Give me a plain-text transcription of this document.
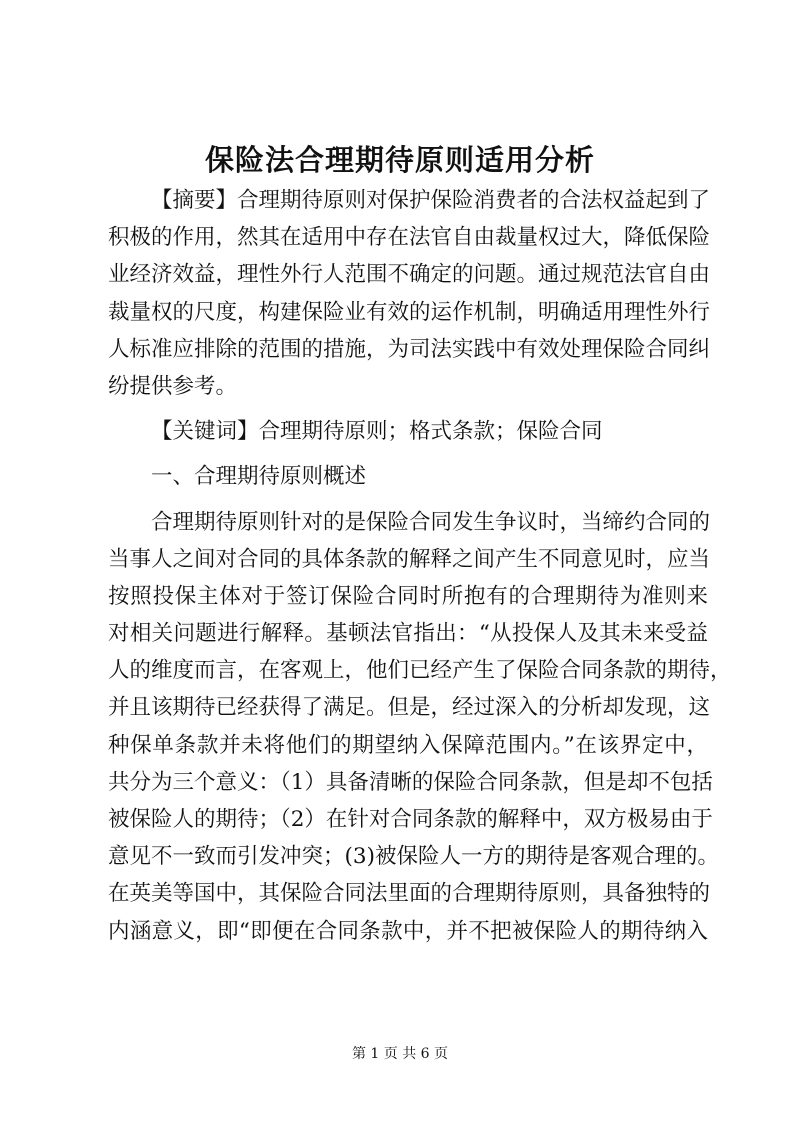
保险法合理期待原则适用分析
【摘要】合理期待原则对保护保险消费者的合法权益起到了
积极的作用，然其在适用中存在法官自由裁量权过大，降低保险
业经济效益，理性外行人范围不确定的问题。通过规范法官自由
裁量权的尺度，构建保险业有效的运作机制，明确适用理性外行
人标准应排除的范围的措施，为司法实践中有效处理保险合同纠
纷提供参考。
【关键词】合理期待原则；格式条款；保险合同
一、合理期待原则概述
合理期待原则针对的是保险合同发生争议时，当缔约合同的
当事人之间对合同的具体条款的解释之间产生不同意见时，应当
按照投保主体对于签订保险合同时所抱有的合理期待为准则来
对相关问题进行解释。基顿法官指出：“从投保人及其未来受益
人的维度而言，在客观上，他们已经产生了保险合同条款的期待，
并且该期待已经获得了满足。但是，经过深入的分析却发现，这
种保单条款并未将他们的期望纳入保障范围内。”在该界定中，
共分为三个意义：（1）具备清晰的保险合同条款，但是却不包括
被保险人的期待；（2）在针对合同条款的解释中，双方极易由于
意见不一致而引发冲突；(3)被保险人一方的期待是客观合理的。
在英美等国中，其保险合同法里面的合理期待原则，具备独特的
内涵意义，即“即便在合同条款中，并不把被保险人的期待纳入
第 1 页 共 6 页
